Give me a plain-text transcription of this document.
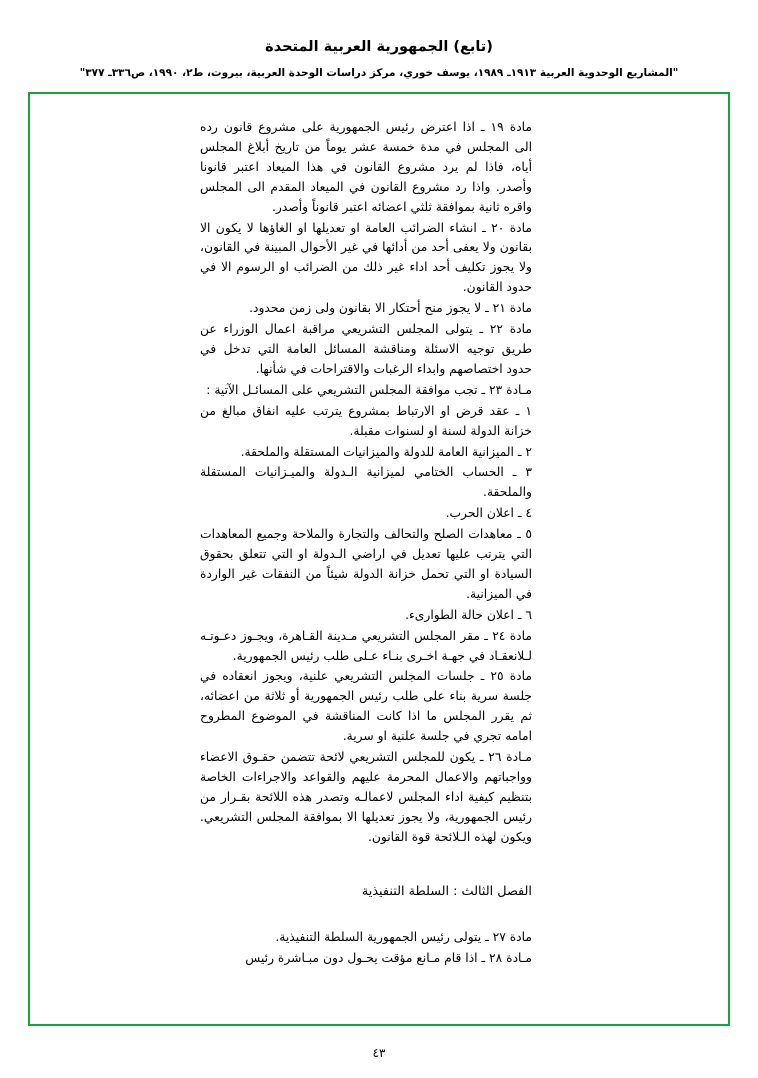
(تابع) الجمهورية العربية المتحدة
"المشاريع الوحدوية العربية ١٩١٣ـ ١٩٨٩، يوسف خوري، مركز دراسات الوحدة العربية، بيروت، ط٢، ١٩٩٠، ص٣٣٦ـ ٣٧٧"

مادة ١٩ ـ اذا اعترض رئيس الجمهورية على مشروع قانون رده الى المجلس في مدة خمسة عشر يوماً من تاريخ أبلاغ المجلس أياه، فاذا لم يرد مشروع القانون في هذا الميعاد اعتبر قانونا وأصدر. واذا رد مشروع القانون في الميعاد المقدم الى المجلس واقره ثانية بموافقة ثلثي اعضائه اعتبر قانوناً وأصدر.

مادة ٢٠ ـ انشاء الضرائب العامة او تعديلها او الغاؤها لا يكون الا بقانون ولا يعفى أحد من أدائها في غير الأحوال المبينة في القانون، ولا يجوز تكليف أحد اداء غير ذلك من الضرائب او الرسوم الا في حدود القانون.

مادة ٢١ ـ لا يجوز منح أحتكار الا بقانون ولى زمن محدود.

مادة ٢٢ ـ يتولى المجلس التشريعي مراقبة اعمال الوزراء عن طريق توجيه الاسئلة ومناقشة المسائل العامة التي تدخل في حدود اختصاصهم وابداء الرغبات والاقتراحات في شأنها.

مـادة ٢٣ ـ تجب موافقة المجلس التشريعي على المسائـل الآتية :

١ ـ عقد قرض او الارتباط بمشروع يترتب عليه انفاق مبالغ من خزانة الدولة لسنة او لسنوات مقبلة.

٢ ـ الميزانية العامة للدولة والميزانيات المستقلة والملحقة.

٣ ـ الحساب الختامي لميزانية الـدولة والميـزانيات المستقلة والملحقة.

٤ ـ اعلان الحرب.

٥ ـ معاهدات الصلح والتحالف والتجارة والملاحة وجميع المعاهدات التي يترتب عليها تعديل في اراضي الـدولة او التي تتعلق بحقوق السيادة او التي تحمل خزانة الدولة شيئاً من النفقات غير الواردة في الميزانية.

٦ ـ اعلان حالة الطوارىء.

مادة ٢٤ ـ مقر المجلس التشريعي مـدينة القـاهرة، ويجـوز دعـوتـه لـلانعقـاد في جهـة اخـرى بنـاء عـلى طلب رئيس الجمهورية.

مادة ٢٥ ـ جلسات المجلس التشريعي علنية، ويجوز انعقاده في جلسة سرية بناء على طلب رئيس الجمهورية أو ثلاثة من اعضائه، ثم يقرر المجلس ما اذا كانت المناقشة في الموضوع المطروح امامه تجري في جلسة علنية او سرية.

مـادة ٢٦ ـ يكون للمجلس التشريعي لائحة تتضمن حقـوق الاعضاء وواجباتهم والاعمال المحرمة عليهم والقواعد والاجراءات الخاصة بتنظيم كيفية اداء المجلس لاعمالـه وتصدر هذه اللائحة بقـرار من رئيس الجمهورية، ولا يجوز تعديلها الا بموافقة المجلس التشريعي. ويكون لهذه الـلائحة قوة القانون.

الفصل الثالث : السلطة التنفيذية

مادة ٢٧ ـ يتولى رئيس الجمهورية السلطة التنفيذية.

مـادة ٢٨ ـ اذا قام مـانع مؤقت يحـول دون مبـاشرة رئيس

٤٣
